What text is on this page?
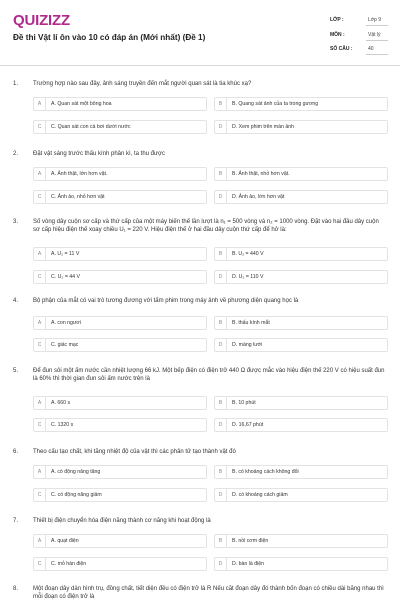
QUIZIZZ
Đề thi Vật lí ôn vào 10 có đáp án (Mới nhất) (Đề 1)
LỚP :	Lớp 9
MÔN :	Vật lý
SỐ CÂU :	40
1. Trường hợp nào sau đây, ảnh sáng truyền đến mắt người quan sát là tia khúc xạ?
A	A. Quan sát một bông hoa	B	B. Quang sát ảnh của ta trong gương
C	C. Quan sát con cá bơi dưới nước	D	D. Xem phim trên màn ảnh
2. Đặt vật sáng trước thấu kính phân kì, ta thu được
A	A. Ảnh thật, lớn hơn vật.	B	B. Ảnh thật, nhỏ hơn vật.
C	C. Ảnh ảo, nhỏ hơn vật	D	D. Ảnh ảo, lớn hơn vật
3. Số vòng dây cuộn sơ cấp và thứ cấp của một máy biến thế lần lượt là n₁ = 500 vòng và n₂ = 1000 vòng. Đặt vào hai đầu dây cuộn sơ cấp hiệu điện thế xoay chiều U₁ = 220 V. Hiệu điện thế ở hai đầu dây cuộn thứ cấp để hở là:
A	A. U₂ = 11 V	B	B. U₂ = 440 V
C	C. U₂ = 44 V	D	D. U₂ = 110 V
4. Bộ phận của mắt có vai trò tương đương với tấm phim trong máy ảnh về phương diện quang học là
A	A. con ngươi	B	B. thấu kính mắt
C	C. giác mạc	D	D. màng lưới
5. Để đun sôi một ấm nước cần nhiệt lượng 66 kJ. Một bếp điện có điện trở 440 Ω được mắc vào hiệu điện thế 220 V có hiệu suất đun là 60% thì thời gian đun sôi ấm nước trên là
A	A. 660 s	B	B. 10 phút
C	C. 1320 s	D	D. 16,67 phút
6. Theo cấu tạo chất, khi tăng nhiệt độ của vật thì các phân tử tạo thành vật đó
A	A. có động năng tăng	B	B. có khoảng cách không đổi
C	C. có động năng giảm	D	D. có khoảng cách giảm
7. Thiết bị điện chuyển hóa điện năng thành cơ năng khi hoạt động là
A	A. quạt điện	B	B. nồi cơm điện
C	C. mỏ hàn điện	D	D. bàn là điện
8. Một đoạn dây dẫn hình trụ, đồng chất, tiết diện đều có điện trở là R Nếu cắt đoạn dây đó thành bốn đoạn có chiều dài bằng nhau thì mỗi đoạn có điện trở là
